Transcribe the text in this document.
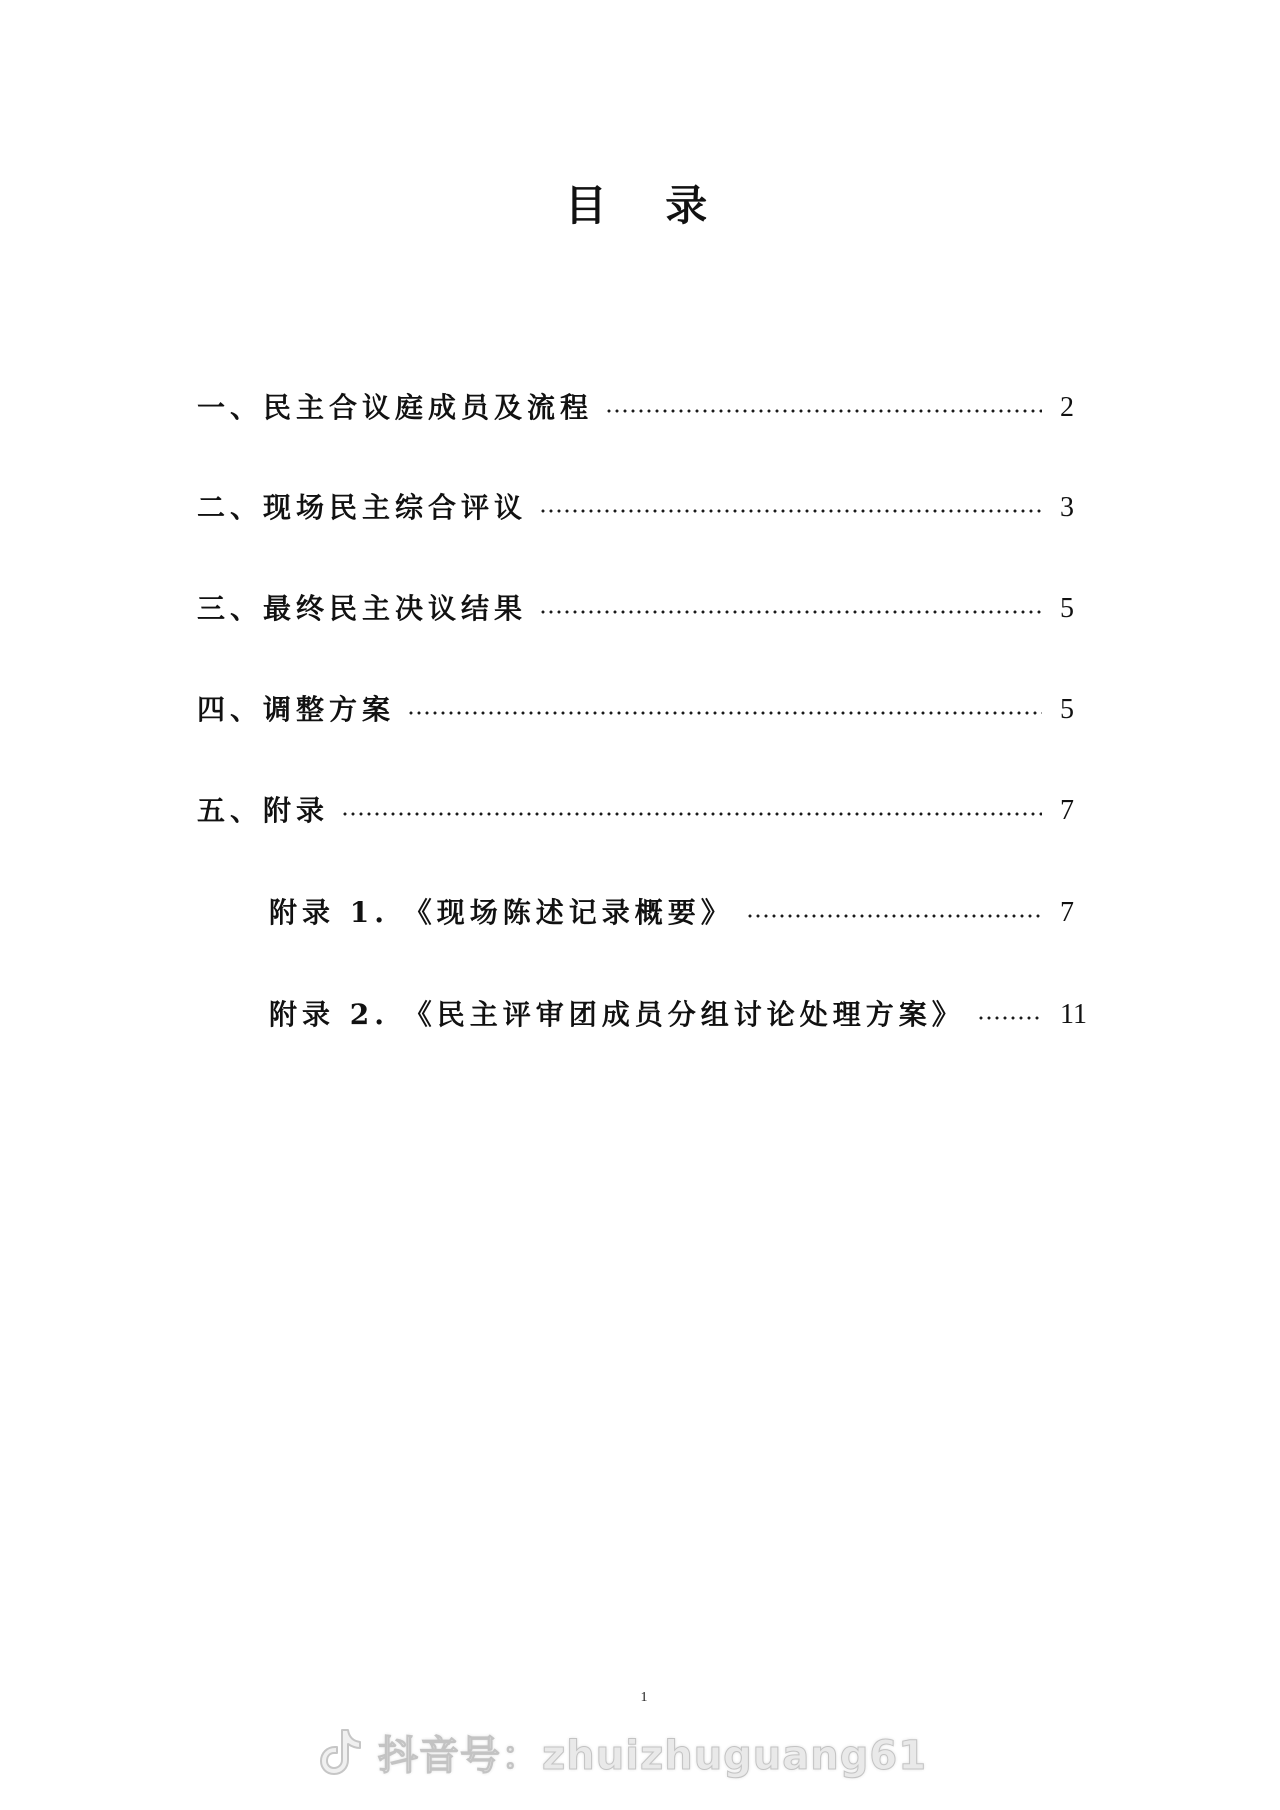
目 录
一、民主合议庭成员及流程	2
二、现场民主综合评议	3
三、最终民主决议结果	5
四、调整方案	5
五、附录	7
附录 1. 《现场陈述记录概要》	7
附录 2. 《民主评审团成员分组讨论处理方案》	11
1
抖音号：zhuizhuguang61
